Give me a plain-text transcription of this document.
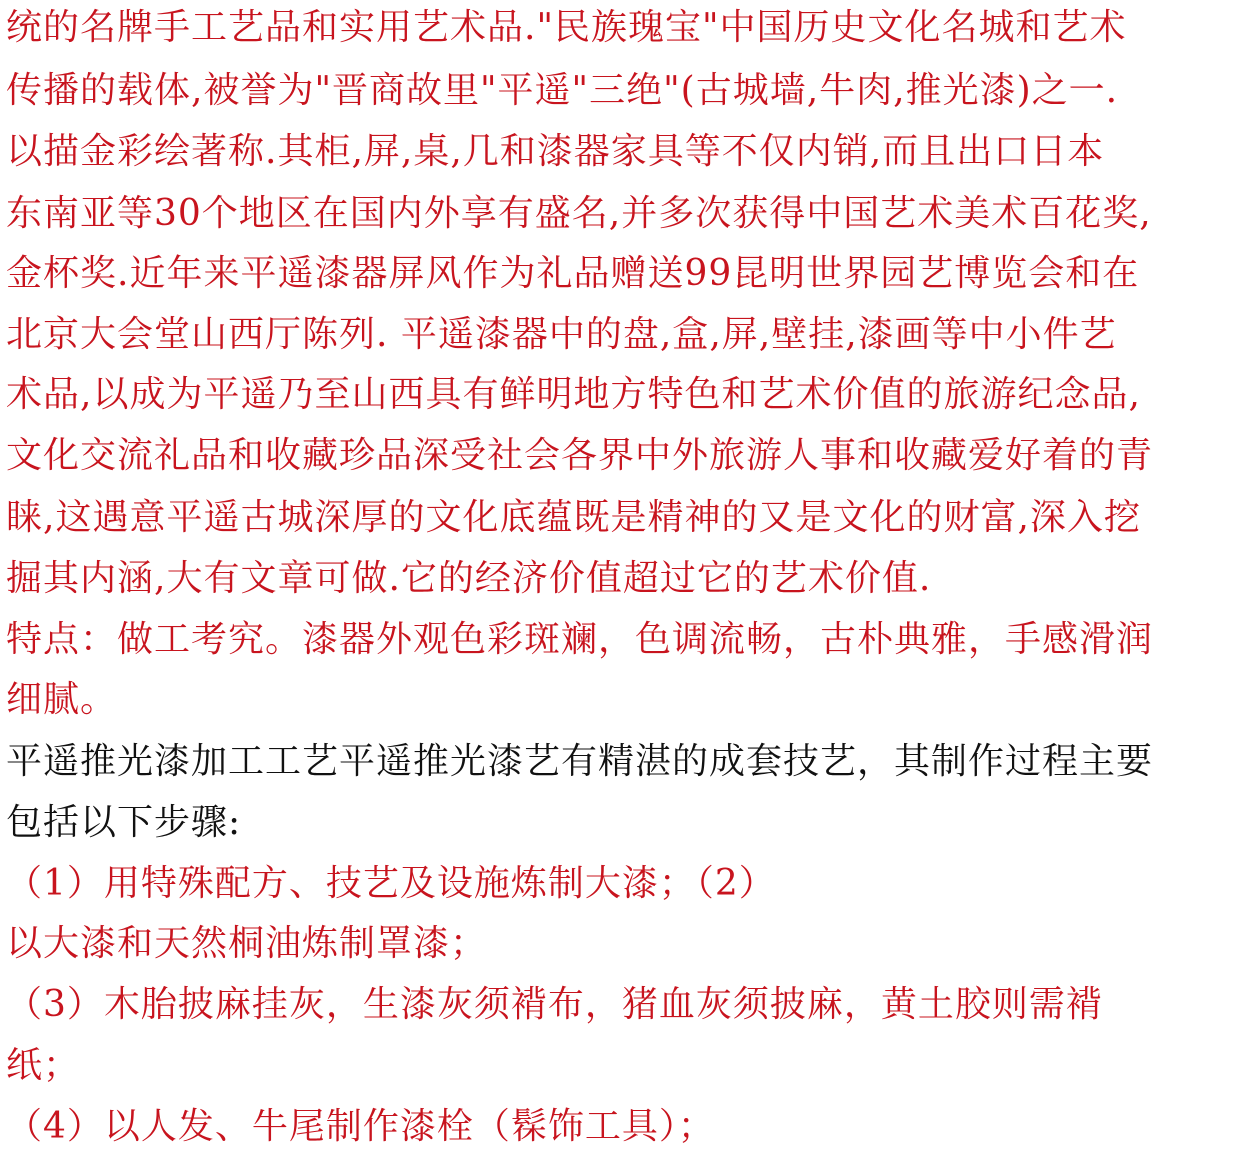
统的名牌手工艺品和实用艺术品."民族瑰宝"中国历史文化名城和艺术
传播的载体,被誉为"晋商故里"平遥"三绝"(古城墙,牛肉,推光漆)之一.
以描金彩绘著称.其柜,屏,桌,几和漆器家具等不仅内销,而且出口日本
东南亚等30个地区在国内外享有盛名,并多次获得中国艺术美术百花奖,
金杯奖.近年来平遥漆器屏风作为礼品赠送99昆明世界园艺博览会和在
北京大会堂山西厅陈列. 平遥漆器中的盘,盒,屏,壁挂,漆画等中小件艺
术品,以成为平遥乃至山西具有鲜明地方特色和艺术价值的旅游纪念品,
文化交流礼品和收藏珍品深受社会各界中外旅游人事和收藏爱好着的青
睐,这遇意平遥古城深厚的文化底蕴既是精神的又是文化的财富,深入挖
掘其内涵,大有文章可做.它的经济价值超过它的艺术价值.
特点：做工考究。漆器外观色彩斑斓，色调流畅，古朴典雅，手感滑润
细腻。
平遥推光漆加工工艺平遥推光漆艺有精湛的成套技艺，其制作过程主要
包括以下步骤:
（1）用特殊配方、技艺及设施炼制大漆；（2）
以大漆和天然桐油炼制罩漆；
（3）木胎披麻挂灰，生漆灰须褙布，猪血灰须披麻，黄土胶则需褙
纸；
（4）以人发、牛尾制作漆栓（髹饰工具）；
